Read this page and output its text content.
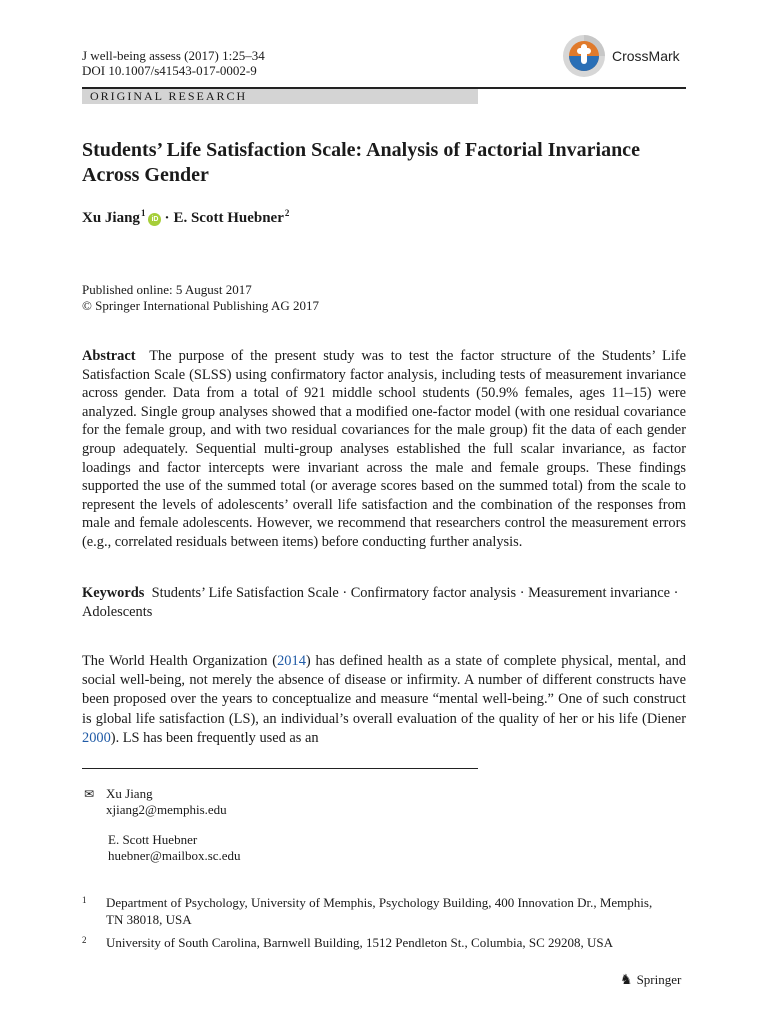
J well-being assess (2017) 1:25–34
DOI 10.1007/s41543-017-0002-9
CrossMark
ORIGINAL RESEARCH
Students’ Life Satisfaction Scale: Analysis of Factorial Invariance Across Gender
Xu Jiang$^1$
iD · E. Scott Huebner$^2$
Published online: 5 August 2017
© Springer International Publishing AG 2017
Abstract The purpose of the present study was to test the factor structure of the Students’ Life Satisfaction Scale (SLSS) using confirmatory factor analysis, including tests of measurement invariance across gender. Data from a total of 921 middle school students (50.9% females, ages 11–15) were analyzed. Single group analyses showed that a modified one-factor model (with one residual covariance for the female group, and with two residual covariances for the male group) fit the data of each gender group adequately. Sequential multi-group analyses established the full scalar invariance, as factor loadings and factor intercepts were invariant across the male and female groups. These findings supported the use of the summed total (or average scores based on the summed total) from the scale to represent the levels of adolescents’ overall life satisfaction and the combination of the responses from male and female adolescents. However, we recommend that researchers control the measurement errors (e.g., correlated residuals between items) before conducting further analysis.
Keywords Students’ Life Satisfaction Scale · Confirmatory factor analysis · Measurement invariance · Adolescents
The World Health Organization (2014) has defined health as a state of complete physical, mental, and social well-being, not merely the absence of disease or infirmity. A number of different constructs have been proposed over the years to conceptualize and measure “mental well-being.” One of such construct is global life satisfaction (LS), an individual’s overall evaluation of the quality of her or his life (Diener 2000). LS has been frequently used as an
✉ Xu Jiang
xjiang2@memphis.edu
E. Scott Huebner
huebner@mailbox.sc.edu
1	Department of Psychology, University of Memphis, Psychology Building, 400 Innovation Dr., Memphis, TN 38018, USA
2	University of South Carolina, Barnwell Building, 1512 Pendleton St., Columbia, SC 29208, USA
♞ Springer
